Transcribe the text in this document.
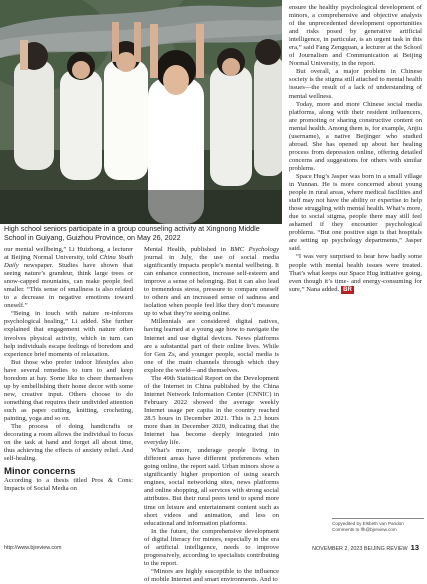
High school seniors participate in a group counseling activity at Xingnong Middle School in Guiyang, Guizhou Province, on May 26, 2022

our mental wellbeing,” Li Huizhong, a lecturer at Beijing Normal University, told China Youth Daily newspaper. Studies have shown that seeing nature’s grandeur, think large trees or snow-capped mountains, can make people feel smaller. “This sense of smallness is also related to a decrease in negative emotions toward oneself.”

“Being in touch with nature re-inforces psychological healing,” Li added. She further explained that engagement with nature often involves physical activity, which in turn can help individuals escape feelings of boredom and experience brief moments of relaxation.

But those who prefer indoor lifestyles also have several remedies to turn to and keep boredom at bay. Some like to cheer themselves up by embellishing their home decor with some new, creative input. Others choose to do something that requires their undivided attention such as paper cutting, knitting, crocheting, painting, yoga and so on.

The process of doing handicrafts or decorating a room allows the individual to focus on the task at hand and forget all about time, thus achieving the effects of anxiety relief. And self-healing.

Minor concerns

According to a thesis titled Pros & Cons: Impacts of Social Media on

Mental Health, published in BMC Psychology journal in July, the use of social media significantly impacts people’s mental wellbeing. It can enhance connection, increase self-esteem and improve a sense of belonging. But it can also lead to tremendous stress, pressure to compare oneself to others and an increased sense of sadness and isolation when people feel like they don’t measure up to what they’re seeing online.

Millennials are considered digital natives, having learned at a young age how to navigate the Internet and use digital devices. News platforms are a substantial part of their online lives. While for Gen Zs, and younger people, social media is one of the main channels through which they explore the world—and themselves.

The 49th Statistical Report on the Development of the Internet in China published by the China Internet Network Information Center (CNNIC) in February 2022 showed the average weekly Internet usage per capita in the country reached 28.5 hours in December 2021. This is 2.3 hours more than in December 2020, indicating that the Internet has become deeply integrated into everyday life.

What’s more, underage people living in different areas have different preferences when going online, the report said. Urban minors show a significantly higher proportion of using search engines, social networking sites, news platforms and online shopping, all services with strong social attributes. But their rural peers tend to spend more time on leisure and entertainment content such as short videos and animation, and less on educational and information platforms.

In the future, the comprehensive development of digital literacy for minors, especially in the era of artificial intelligence, needs to improve progressively, according to specialists contributing to the report.

“Minors are highly susceptible to the influence of mobile Internet and smart environments. And to

ensure the healthy psychological development of minors, a comprehensive and objective analysis of the unprecedented development opportunities and risks posed by generative artificial intelligence, in particular, is an urgent task in this era,” said Fang Zengquan, a lecturer at the School of Journalism and Communication at Beijing Normal University, in the report.

But overall, a major problem in Chinese society is the stigma still attached to mental health issues—the result of a lack of understanding of mental wellness.

Today, more and more Chinese social media platforms, along with their resident influencers, are promoting or sharing constructive content on mental health. Among them is, for example, Anjiu (username), a native Beijinger who studied abroad. She has opened up about her healing process from depression online, offering detailed concerns and suggestions for others with similar problems.

Space Hug’s Jasper was born in a small village in Yunnan. He is more concerned about young people in rural areas, where medical facilities and staff may not have the ability or expertise to help those struggling with mental health. What’s more, due to social stigma, people there may still feel ashamed if they encounter psychological problems. “But one positive sign is that hospitals are setting up psychology departments,” Jasper said.

“I was very surprised to hear how badly some people with mental health issues were treated. That’s what keeps our Space Hug initiative going, even though it’s time- and energy-consuming for sure,” Nana added. BR

Copyedited by Elsbeth van Paridon
Comments to lfh@bjreview.com
http://www.bjreview.com	NOVEMBER 2, 2023 BEIJING REVIEW 13
